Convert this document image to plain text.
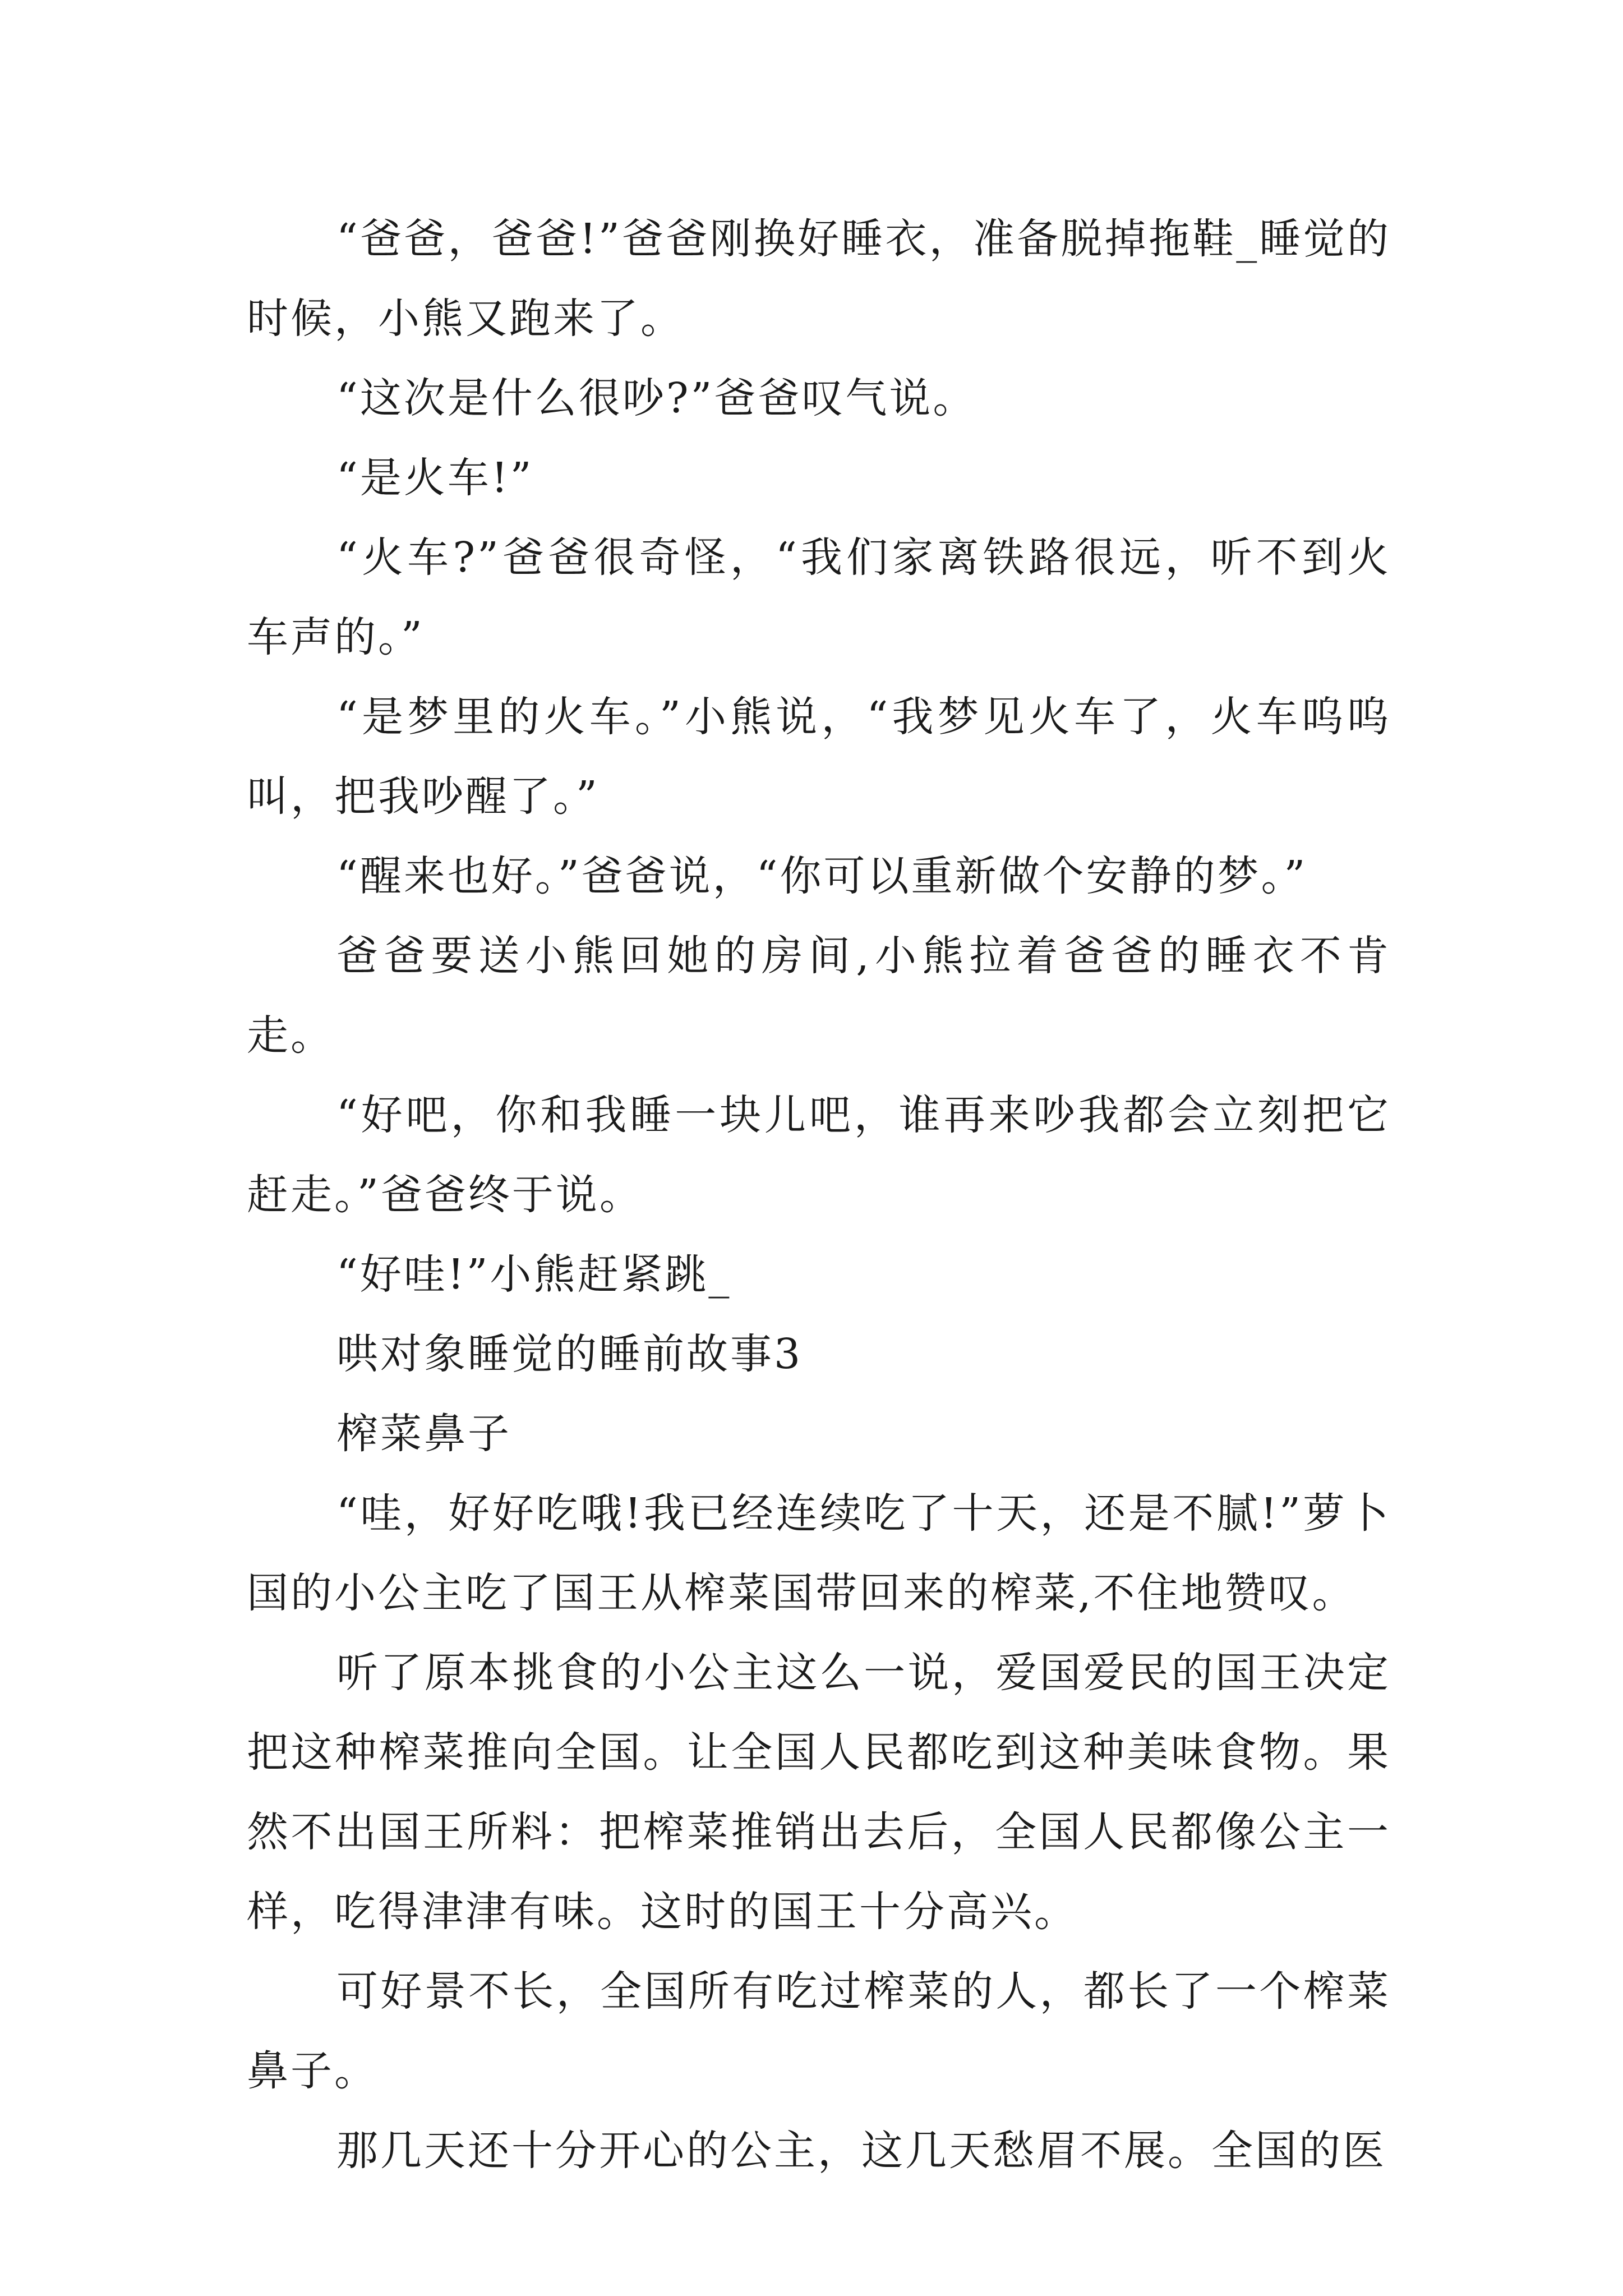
“爸爸，爸爸!”爸爸刚换好睡衣，准备脱掉拖鞋_睡觉的时候，小熊又跑来了。

“这次是什么很吵?”爸爸叹气说。

“是火车!”

“火车?”爸爸很奇怪，“我们家离铁路很远，听不到火车声的。”

“是梦里的火车。”小熊说，“我梦见火车了，火车呜呜叫，把我吵醒了。”

“醒来也好。”爸爸说，“你可以重新做个安静的梦。”

爸爸要送小熊回她的房间,小熊拉着爸爸的睡衣不肯走。

“好吧，你和我睡一块儿吧，谁再来吵我都会立刻把它赶走。”爸爸终于说。

“好哇!”小熊赶紧跳_

哄对象睡觉的睡前故事3

榨菜鼻子

“哇，好好吃哦!我已经连续吃了十天，还是不腻!”萝卜国的小公主吃了国王从榨菜国带回来的榨菜,不住地赞叹。

听了原本挑食的小公主这么一说，爱国爱民的国王决定把这种榨菜推向全国。让全国人民都吃到这种美味食物。果然不出国王所料：把榨菜推销出去后，全国人民都像公主一样，吃得津津有味。这时的国王十分高兴。

可好景不长，全国所有吃过榨菜的人，都长了一个榨菜鼻子。

那几天还十分开心的公主，这几天愁眉不展。全国的医
